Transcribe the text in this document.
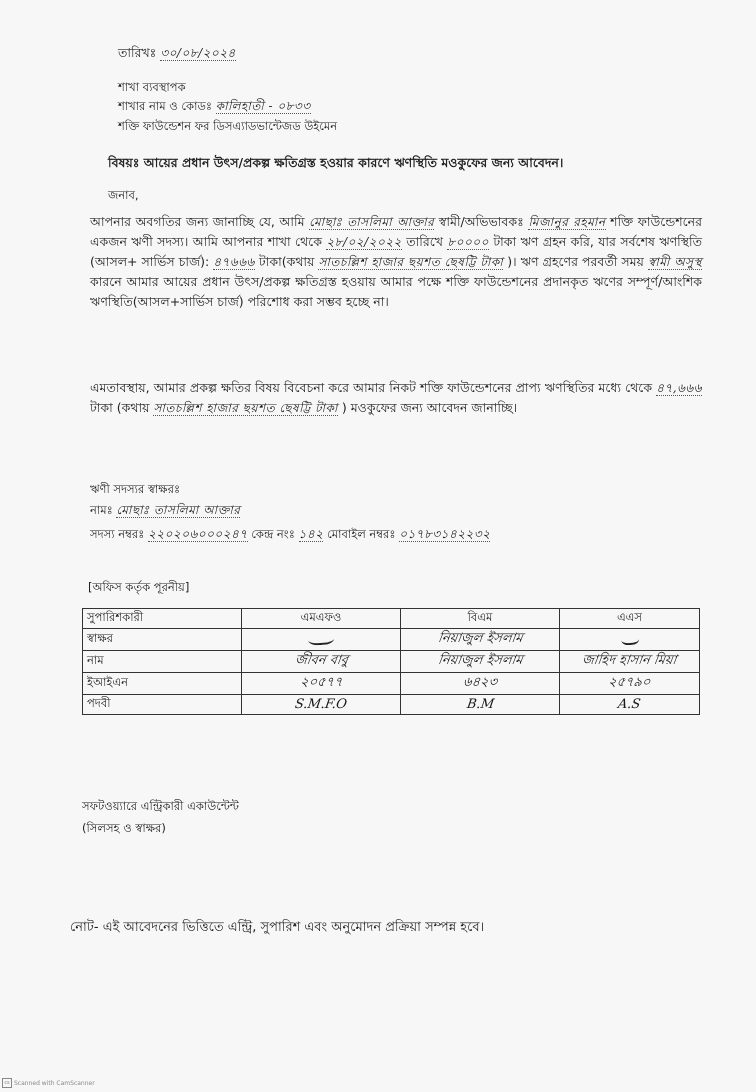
তারিখঃ ৩০/০৮/২০২৪
শাখা ব্যবস্থাপক
শাখার নাম ও কোডঃ কালিহাতী - ০৮৩৩
শক্তি ফাউন্ডেশন ফর ডিসএ্যাডভান্টেজড উইমেন
বিষয়ঃ আয়ের প্রধান উৎস/প্রকল্প ক্ষতিগ্রস্ত হওয়ার কারণে ঋণস্থিতি মওকুফের জন্য আবেদন।
জনাব,
আপনার অবগতির জন্য জানাচ্ছি যে, আমি মোছাঃ তাসলিমা আক্তার স্বামী/অভিভাবকঃ মিজানুর রহমান শক্তি ফাউন্ডেশনের একজন ঋণী সদস্য। আমি আপনার শাখা থেকে ২৮/০২/২০২২ তারিখে ৮০০০০ টাকা ঋণ গ্রহন করি, যার সর্বশেষ ঋণস্থিতি (আসল+ সার্ভিস চার্জ): ৪৭৬৬৬ টাকা(কথায় সাতচল্লিশ হাজার ছয়শত ছেষট্টি টাকা )। ঋণ গ্রহণের পরবর্তী সময় স্বামী অসুস্থ কারনে আমার আয়ের প্রধান উৎস/প্রকল্প ক্ষতিগ্রস্ত হওয়ায় আমার পক্ষে শক্তি ফাউন্ডেশনের প্রদানকৃত ঋণের সম্পূর্ণ/আংশিক ঋণস্থিতি(আসল+সার্ভিস চার্জ) পরিশোধ করা সম্ভব হচ্ছে না।
এমতাবস্থায়, আমার প্রকল্প ক্ষতির বিষয় বিবেচনা করে আমার নিকট শক্তি ফাউন্ডেশনের প্রাপ্য ঋণস্থিতির মধ্যে থেকে ৪৭,৬৬৬ টাকা (কথায় সাতচল্লিশ হাজার ছয়শত ছেষট্টি টাকা ) মওকুফের জন্য আবেদন জানাচ্ছি।
ঋণী সদস্যর স্বাক্ষরঃ
নামঃ মোছাঃ তাসলিমা আক্তার
সদস্য নম্বরঃ ২২০২০৬০০০২৪৭ কেন্দ্র নংঃ ১৪২ মোবাইল নম্বরঃ ০১৭৮৩১৪২২৩২
[অফিস কর্তৃক পূরনীয়]
সুপারিশকারী	এমএফও	বিএম	এএস
স্বাক্ষর		নিয়াজুল ইসলাম	
নাম	জীবন বাবু	নিয়াজুল ইসলাম	জাহিদ হাসান মিয়া
ইআইএন	২০৫৭৭	৬৪২৩	২৫৭৯০
পদবী	S.M.F.O	B.M	A.S
সফটওয়্যারে এন্ট্রিকারী একাউন্টেন্ট
(সিলসহ ও স্বাক্ষর)
নোট- এই আবেদনের ভিত্তিতে এন্ট্রি, সুপারিশ এবং অনুমোদন প্রক্রিয়া সম্পন্ন হবে।
cs Scanned with CamScanner
